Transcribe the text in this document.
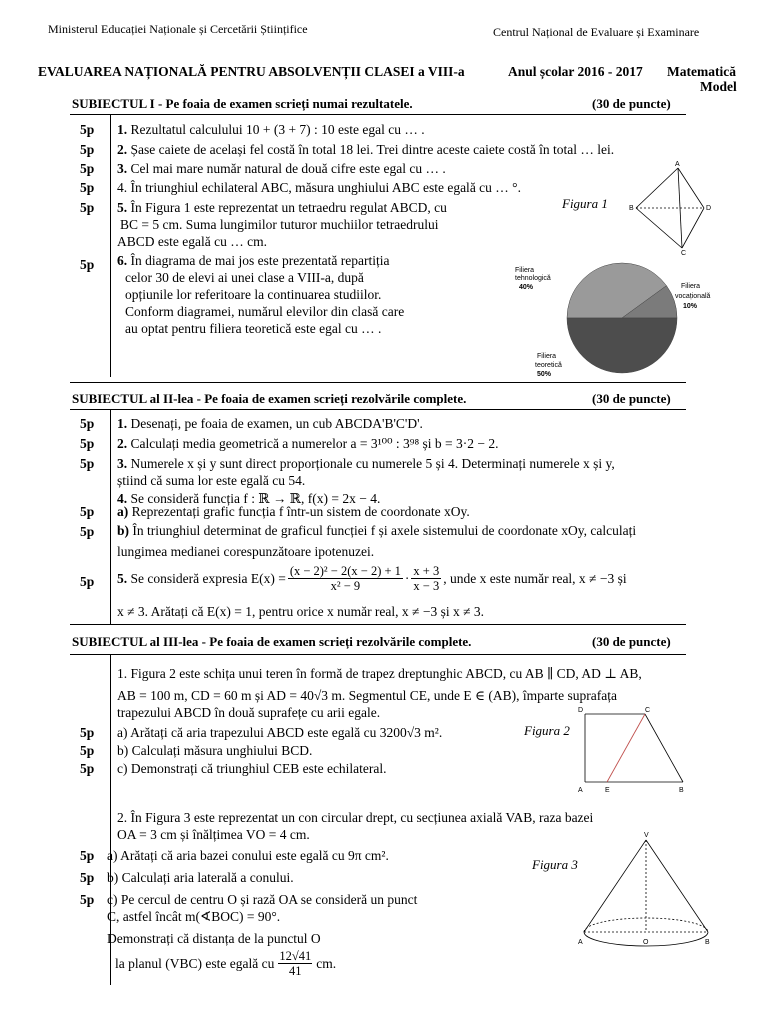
Ministerul Educației Naționale și Cercetării Științifice	Centrul Național de Evaluare și Examinare
EVALUAREA NAȚIONALĂ PENTRU ABSOLVENȚII CLASEI a VIII-a	Anul școlar 2016 - 2017 Matematică
Model
SUBIECTUL I - Pe foaia de examen scrieți numai rezultatele.	(30 de puncte)
5p	1. Rezultatul calculului 10 + (3 + 7) : 10 este egal cu … .
5p	2. Șase caiete de același fel costă în total 18 lei. Trei dintre aceste caiete costă în total … lei.
5p	3. Cel mai mare număr natural de două cifre este egal cu … .
5p	4. În triunghiul echilateral ABC, măsura unghiului ABC este egală cu … °.
5p	5. În Figura 1 este reprezentat un tetraedru regulat ABCD, cu
BC = 5 cm. Suma lungimilor tuturor muchiilor tetraedrului
ABCD este egală cu … cm.
Figura 1
A
B
C
D
5p	6. În diagrama de mai jos este prezentată repartiția
celor 30 de elevi ai unei clase a VIII-a, după
opțiunile lor referitoare la continuarea studiilor.
Conform diagramei, numărul elevilor din clasă care
au optat pentru filiera teoretică este egal cu … .
Filiera
tehnologică
40%	Filiera
vocațională
10%
Filiera
teoretică
50%
SUBIECTUL al II-lea - Pe foaia de examen scrieți rezolvările complete.	(30 de puncte)
5p	1. Desenați, pe foaia de examen, un cub ABCDA'B'C'D'.
5p	2. Calculați media geometrică a numerelor a = 3¹⁰⁰ : 3⁹⁸ și b = 3·2 − 2.
5p	3. Numerele x și y sunt direct proporționale cu numerele 5 și 4. Determinați numerele x și y,
știind că suma lor este egală cu 54.
4. Se consideră funcția f : ℝ → ℝ, f(x) = 2x − 4.
5p	a) Reprezentați grafic funcția f într-un sistem de coordonate xOy.
5p	b) În triunghiul determinat de graficul funcției f și axele sistemului de coordonate xOy, calculați
lungimea medianei corespunzătoare ipotenuzei.
5p	5. Se consideră expresia $E(x) = \frac{\text{(x − 2)² − 2(x − 2) + 1}}{\text{x² − 9}} \cdot x + 3$
x − 3
, unde x este număr real, x ≠ −3 și
x ≠ 3. Arătați că E(x) = 1, pentru orice x număr real, x ≠ −3 și x ≠ 3.
SUBIECTUL al III-lea - Pe foaia de examen scrieți rezolvările complete.	(30 de puncte)
1. Figura 2 este schița unui teren în formă de trapez dreptunghic ABCD, cu AB ∥ CD, AD ⊥ AB,
AB = 100 m, CD = 60 m și AD = 40√3 m. Segmentul CE, unde E ∈ (AB), împarte suprafața
trapezului ABCD în două suprafețe cu arii egale.
5p	a) Arătați că aria trapezului ABCD este egală cu 3200√3 m².
5p	b) Calculați măsura unghiului BCD.
5p	c) Demonstrați că triunghiul CEB este echilateral.
Figura 2
D	C
A	E	B
2. În Figura 3 este reprezentat un con circular drept, cu secțiunea axială VAB, raza bazei
OA = 3 cm și înălțimea VO = 4 cm.
5p a) Arătați că aria bazei conului este egală cu 9π cm².
5p b) Calculați aria laterală a conului.
5p c) Pe cercul de centru O și rază OA se consideră un punct
C, astfel încât m(∢BOC) = 90°.
Demonstrați că distanța de la punctul O
la planul (VBC) este egală cu 12√41
41 cm.
Figura 3
V
A	O	B
